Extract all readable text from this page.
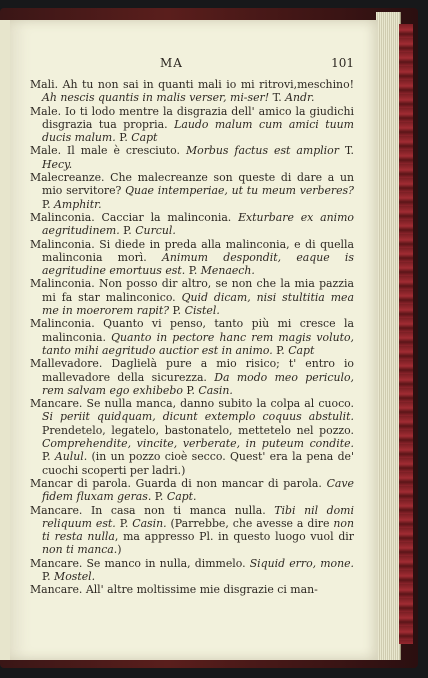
MA	101

Mali. Ah tu non sai in quanti mali io mi ritrovi,meschino! Ah nescis quantis in malis verser, mi-ser! T. Andr.

Male. Io ti lodo mentre la disgrazia dell' amico la giudichi disgrazia tua propria. Laudo malum cum amici tuum ducis malum. P. Capt

Male. Il male è cresciuto. Morbus factus est amplior T. Hecy.

Malecreanze. Che malecreanze son queste di dare a un mio servitore? Quae intemperiae, ut tu meum verberes? P. Amphitr.

Malinconia. Cacciar la malinconia. Exturbare ex animo aegritudinem. P. Curcul.

Malinconia. Si diede in preda alla malinconia, e di quella malinconia morì. Animum despondit, eaque is aegritudine emortuus est. P. Menaech.

Malinconia. Non posso dir altro, se non che la mia pazzia mi fa star malinconico. Quid dicam, nisi stultitia mea me in moerorem rapit? P. Cistel.

Malinconia. Quanto vi penso, tanto più mi cresce la malinconia. Quanto in pectore hanc rem magis voluto, tanto mihi aegritudo auctior est in animo. P. Capt

Mallevadore. Daglielà pure a mio risico; t' entro io mallevadore della sicurezza. Da modo meo periculo, rem salvam ego exhibebo P. Casin.

Mancare. Se nulla manca, danno subito la colpa al cuoco. Si periit quidquam, dicunt extemplo coquus abstulit. Prendetelo, legatelo, bastonatelo, mettetelo nel pozzo. Comprehendite, vincite, verberate, in puteum condite. P. Aulul. (in un pozzo cioè secco. Quest' era la pena de' cuochi scoperti per ladri.)

Mancar di parola. Guarda di non mancar di parola. Cave fidem fluxam geras. P. Capt.

Mancare. In casa non ti manca nulla. Tibi nil domi reliquum est. P. Casin. (Parrebbe, che avesse a dire non ti resta nulla, ma appresso Pl. in questo luogo vuol dir non ti manca.)

Mancare. Se manco in nulla, dimmelo. Siquid erro, mone. P. Mostel.

Mancare. All' altre moltissime mie disgrazie ci man-
